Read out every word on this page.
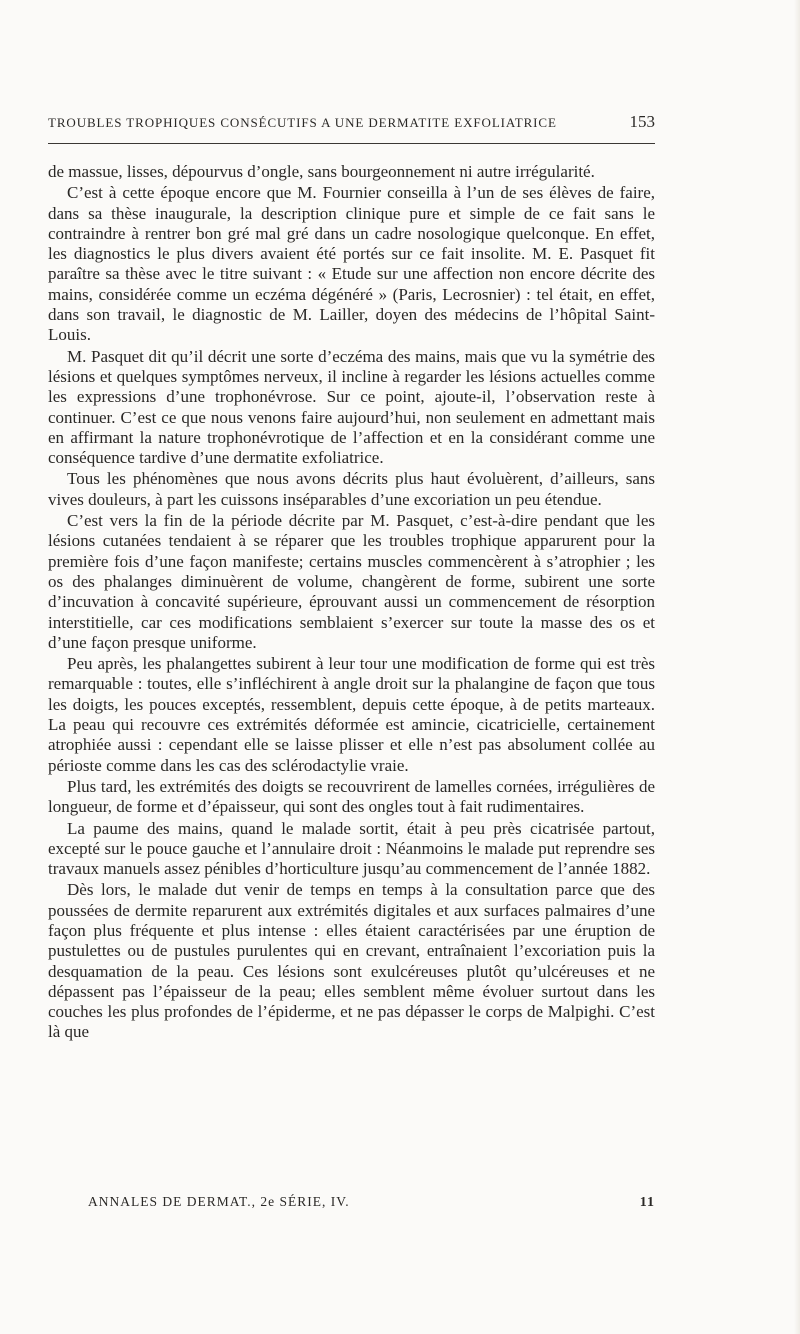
TROUBLES TROPHIQUES CONSÉCUTIFS A UNE DERMATITE EXFOLIATRICE	153

de massue, lisses, dépourvus d’ongle, sans bourgeonnement ni autre irrégularité.

C’est à cette époque encore que M. Fournier conseilla à l’un de ses élèves de faire, dans sa thèse inaugurale, la description clinique pure et simple de ce fait sans le contraindre à rentrer bon gré mal gré dans un cadre nosologique quelconque. En effet, les diagnostics le plus divers avaient été portés sur ce fait insolite. M. E. Pasquet fit paraître sa thèse avec le titre suivant : « Etude sur une affection non encore décrite des mains, considérée comme un eczéma dégénéré » (Paris, Lecrosnier) : tel était, en effet, dans son travail, le diagnostic de M. Lailler, doyen des médecins de l’hôpital Saint-Louis.

M. Pasquet dit qu’il décrit une sorte d’eczéma des mains, mais que vu la symétrie des lésions et quelques symptômes nerveux, il incline à regarder les lésions actuelles comme les expressions d’une trophonévrose. Sur ce point, ajoute-il, l’observation reste à continuer. C’est ce que nous venons faire aujourd’hui, non seulement en admettant mais en affirmant la nature trophonévrotique de l’affection et en la considérant comme une conséquence tardive d’une dermatite exfoliatrice.

Tous les phénomènes que nous avons décrits plus haut évoluèrent, d’ailleurs, sans vives douleurs, à part les cuissons inséparables d’une excoriation un peu étendue.

C’est vers la fin de la période décrite par M. Pasquet, c’est-à-dire pendant que les lésions cutanées tendaient à se réparer que les troubles trophique apparurent pour la première fois d’une façon manifeste; certains muscles commencèrent à s’atrophier ; les os des phalanges diminuèrent de volume, changèrent de forme, subirent une sorte d’incuvation à concavité supérieure, éprouvant aussi un commencement de résorption interstitielle, car ces modifications semblaient s’exercer sur toute la masse des os et d’une façon presque uniforme.

Peu après, les phalangettes subirent à leur tour une modification de forme qui est très remarquable : toutes, elle s’infléchirent à angle droit sur la phalangine de façon que tous les doigts, les pouces exceptés, ressemblent, depuis cette époque, à de petits marteaux. La peau qui recouvre ces extrémités déformée est amincie, cicatricielle, certainement atrophiée aussi : cependant elle se laisse plisser et elle n’est pas absolument collée au périoste comme dans les cas des sclérodactylie vraie.

Plus tard, les extrémités des doigts se recouvrirent de lamelles cornées, irrégulières de longueur, de forme et d’épaisseur, qui sont des ongles tout à fait rudimentaires.

La paume des mains, quand le malade sortit, était à peu près cicatrisée partout, excepté sur le pouce gauche et l’annulaire droit : Néanmoins le malade put reprendre ses travaux manuels assez pénibles d’horticulture jusqu’au commencement de l’année 1882.

Dès lors, le malade dut venir de temps en temps à la consultation parce que des poussées de dermite reparurent aux extrémités digitales et aux surfaces palmaires d’une façon plus fréquente et plus intense : elles étaient caractérisées par une éruption de pustulettes ou de pustules purulentes qui en crevant, entraînaient l’excoriation puis la desquamation de la peau. Ces lésions sont exulcéreuses plutôt qu’ulcéreuses et ne dépassent pas l’épaisseur de la peau; elles semblent même évoluer surtout dans les couches les plus profondes de l’épiderme, et ne pas dépasser le corps de Malpighi. C’est là que

ANNALES DE DERMAT., 2e SÉRIE, IV.	11
